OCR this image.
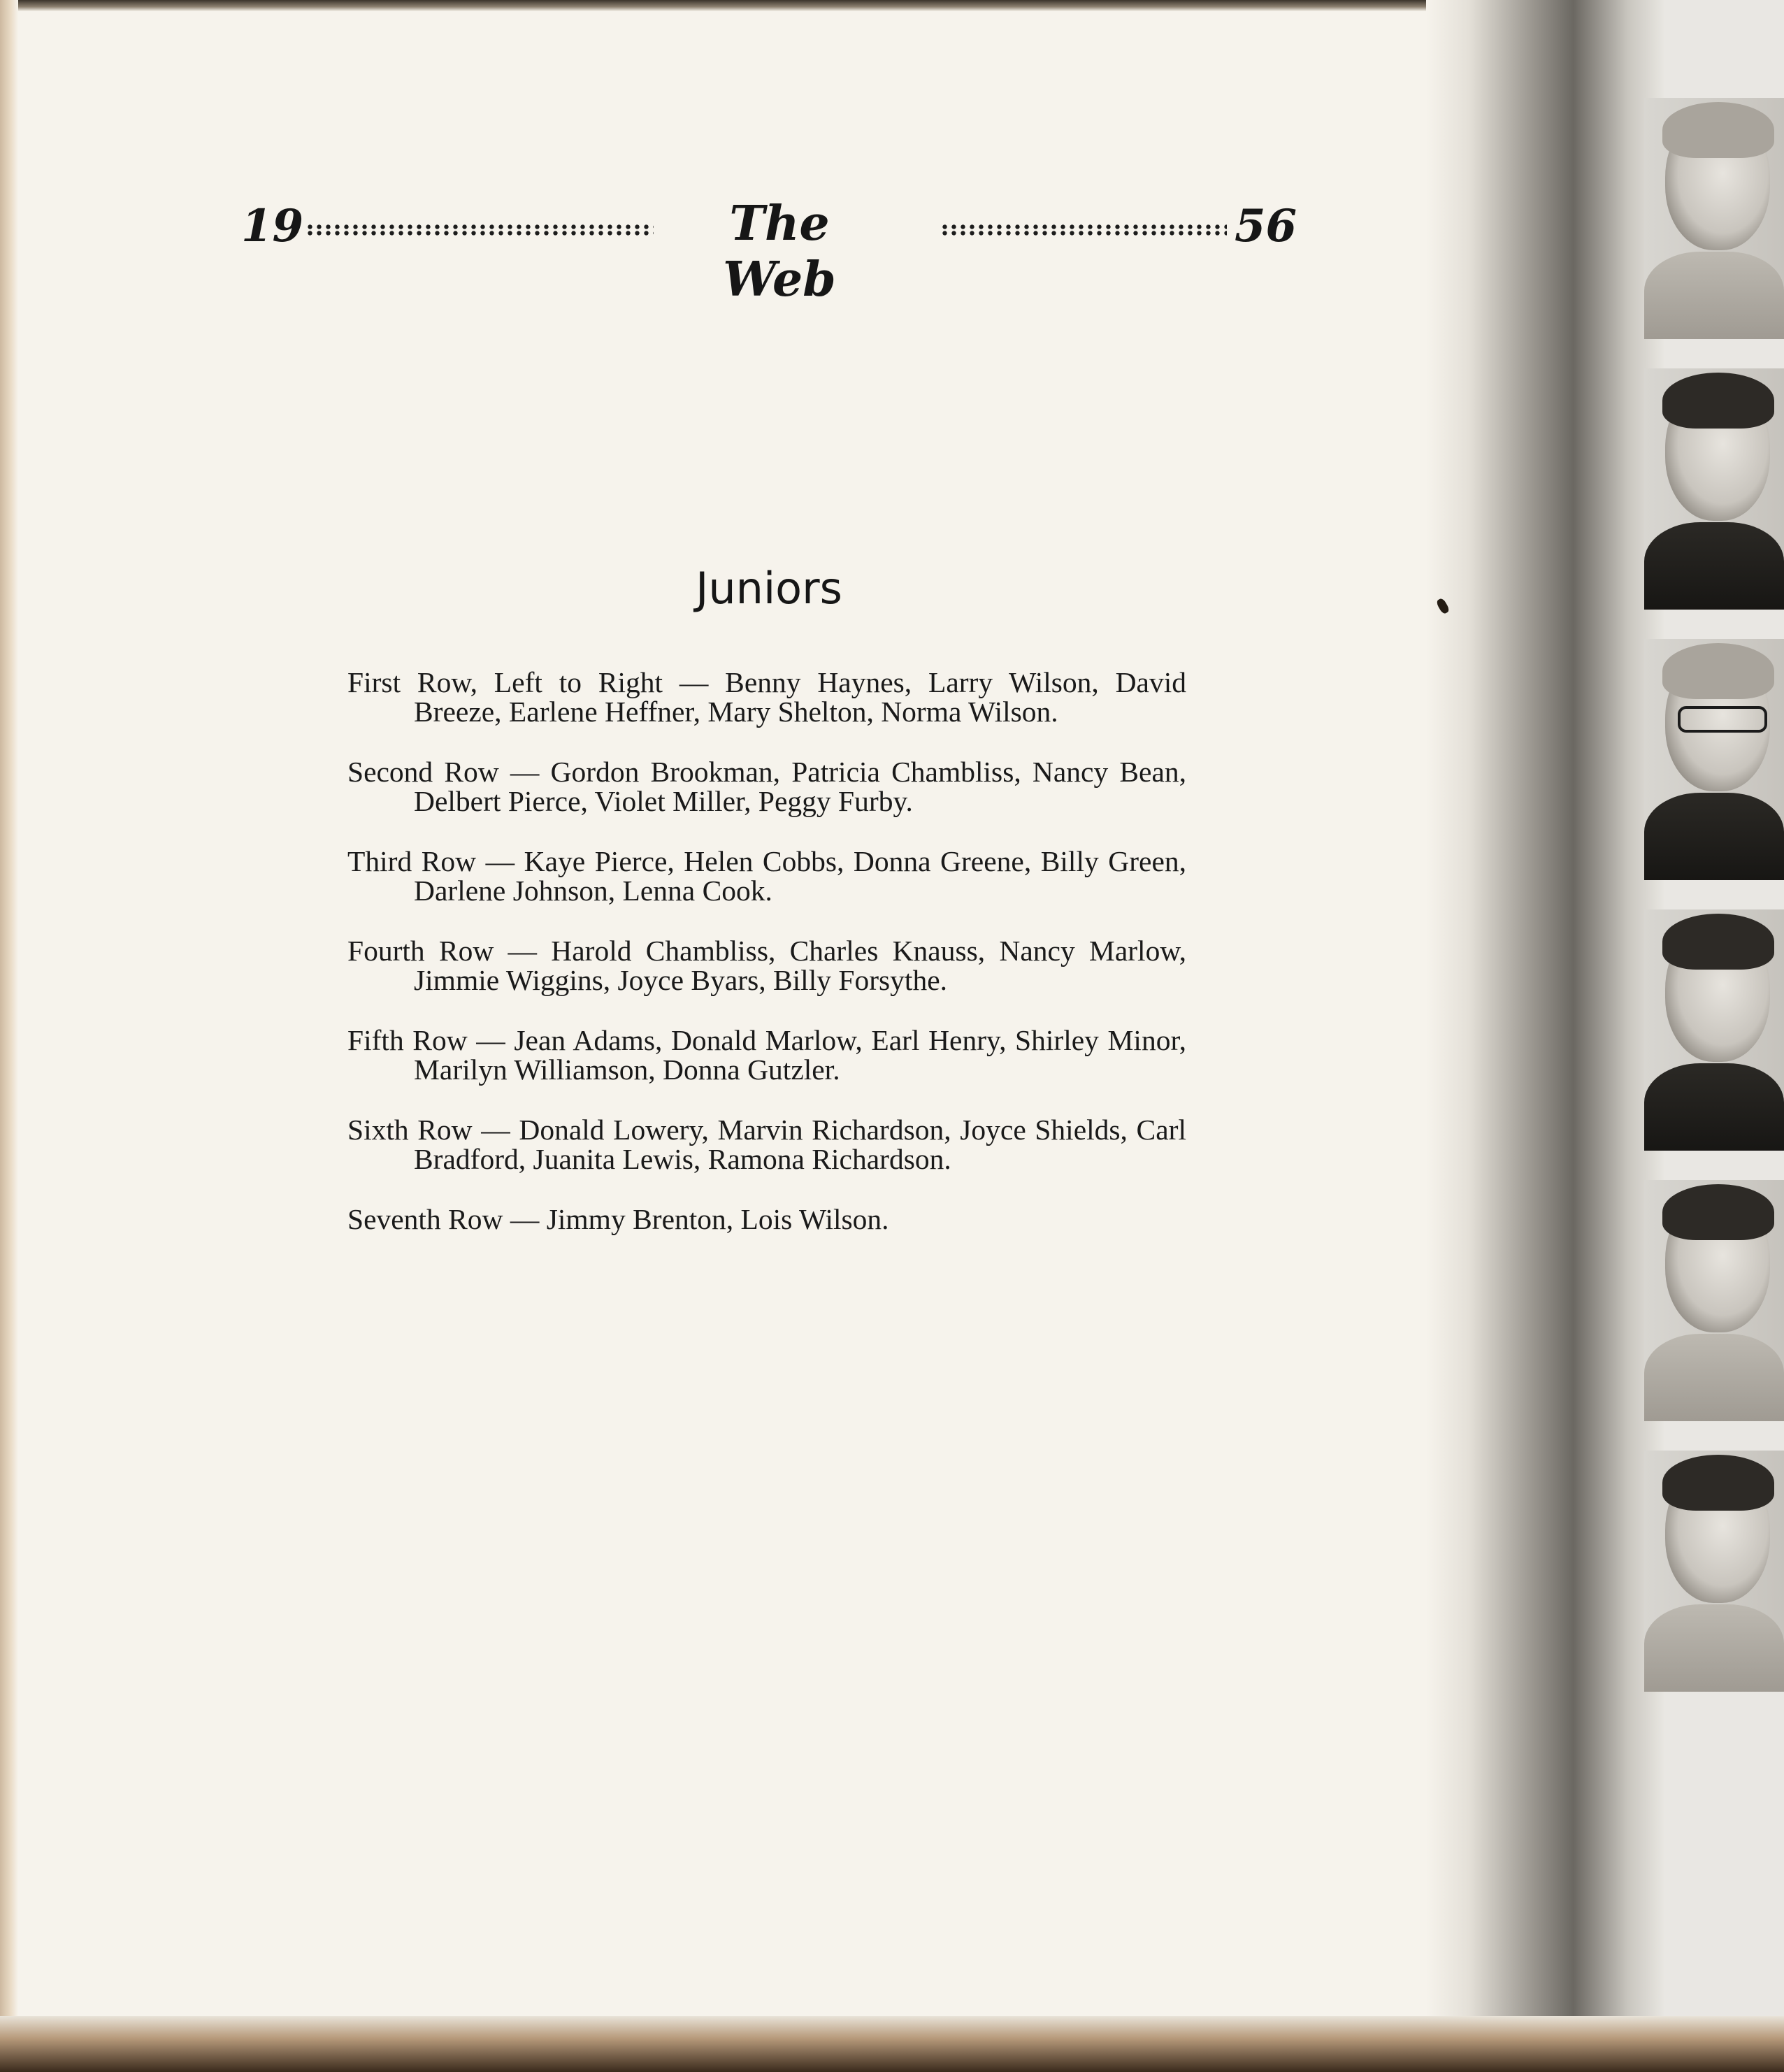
19	The Web
56
Juniors

First Row, Left to Right — Benny Haynes, Larry Wilson, David Breeze, Earlene Heffner, Mary Shelton, Norma Wilson.

Second Row — Gordon Brookman, Patricia Chambliss, Nancy Bean, Delbert Pierce, Violet Miller, Peggy Furby.

Third Row — Kaye Pierce, Helen Cobbs, Donna Greene, Billy Green, Darlene Johnson, Lenna Cook.

Fourth Row — Harold Chambliss, Charles Knauss, Nancy Marlow, Jimmie Wiggins, Joyce Byars, Billy Forsythe.

Fifth Row — Jean Adams, Donald Marlow, Earl Henry, Shirley Minor, Marilyn Williamson, Donna Gutzler.

Sixth Row — Donald Lowery, Marvin Richardson, Joyce Shields, Carl Bradford, Juanita Lewis, Ramona Richardson.

Seventh Row — Jimmy Brenton, Lois Wilson.
